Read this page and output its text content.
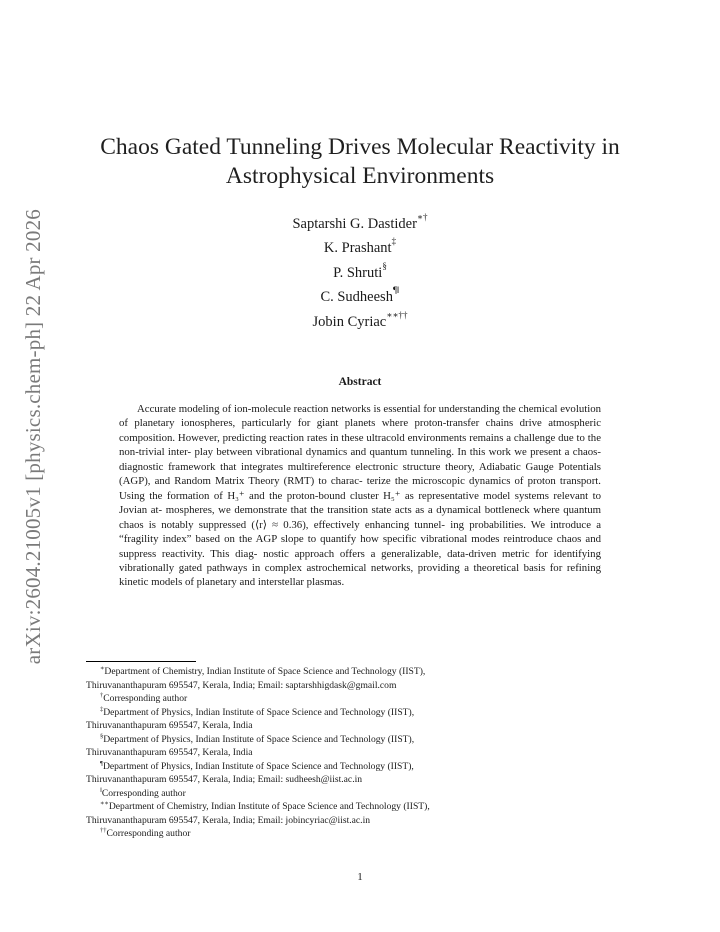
arXiv:2604.21005v1 [physics.chem-ph] 22 Apr 2026
Chaos Gated Tunneling Drives Molecular Reactivity in
Astrophysical Environments
Saptarshi G. Dastider∗†
K. Prashant‡
P. Shruti§
C. Sudheesh¶‖
Jobin Cyriac∗∗††
Abstract

Accurate modeling of ion-molecule reaction networks is essential for understanding the chemical evolution of planetary ionospheres, particularly for giant planets where proton-transfer chains drive atmospheric composition. However, predicting reaction rates in these ultracold environments remains a challenge due to the non-trivial inter- play between vibrational dynamics and quantum tunneling. In this work we present a chaos-diagnostic framework that integrates multireference electronic structure theory, Adiabatic Gauge Potentials (AGP), and Random Matrix Theory (RMT) to charac- terize the microscopic dynamics of proton transport. Using the formation of H₃⁺ and the proton-bound cluster H₅⁺ as representative model systems relevant to Jovian at- mospheres, we demonstrate that the transition state acts as a dynamical bottleneck where quantum chaos is notably suppressed (⟨r⟩ ≈ 0.36), effectively enhancing tunnel- ing probabilities. We introduce a “fragility index” based on the AGP slope to quantify how specific vibrational modes reintroduce chaos and suppress reactivity. This diag- nostic approach offers a generalizable, data-driven metric for identifying vibrationally gated pathways in complex astrochemical networks, providing a theoretical basis for refining kinetic models of planetary and interstellar plasmas.

∗Department of Chemistry, Indian Institute of Space Science and Technology (IIST),
Thiruvananthapuram 695547, Kerala, India; Email: saptarshhigdask@gmail.com
†Corresponding author
‡Department of Physics, Indian Institute of Space Science and Technology (IIST),
Thiruvananthapuram 695547, Kerala, India
§Department of Physics, Indian Institute of Space Science and Technology (IIST),
Thiruvananthapuram 695547, Kerala, India
¶Department of Physics, Indian Institute of Space Science and Technology (IIST),
Thiruvananthapuram 695547, Kerala, India; Email: sudheesh@iist.ac.in
‖Corresponding author
∗∗Department of Chemistry, Indian Institute of Space Science and Technology (IIST),
Thiruvananthapuram 695547, Kerala, India; Email: jobincyriac@iist.ac.in
††Corresponding author
1
